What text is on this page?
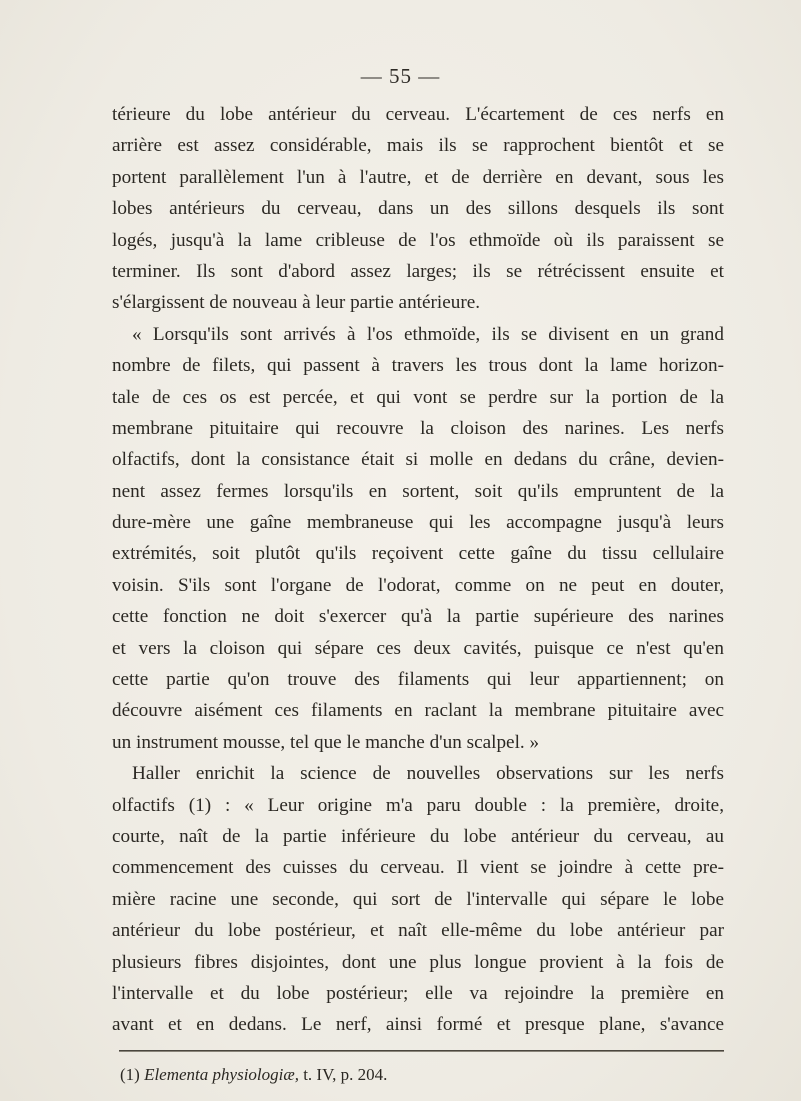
— 55 —
térieure du lobe antérieur du cerveau. L'écartement de ces nerfs en
arrière est assez considérable, mais ils se rapprochent bientôt et se
portent parallèlement l'un à l'autre, et de derrière en devant, sous les
lobes antérieurs du cerveau, dans un des sillons desquels ils sont
logés, jusqu'à la lame cribleuse de l'os ethmoïde où ils paraissent se
terminer. Ils sont d'abord assez larges; ils se rétrécissent ensuite et
s'élargissent de nouveau à leur partie antérieure.
« Lorsqu'ils sont arrivés à l'os ethmoïde, ils se divisent en un grand
nombre de filets, qui passent à travers les trous dont la lame horizon-
tale de ces os est percée, et qui vont se perdre sur la portion de la
membrane pituitaire qui recouvre la cloison des narines. Les nerfs
olfactifs, dont la consistance était si molle en dedans du crâne, devien-
nent assez fermes lorsqu'ils en sortent, soit qu'ils empruntent de la
dure-mère une gaîne membraneuse qui les accompagne jusqu'à leurs
extrémités, soit plutôt qu'ils reçoivent cette gaîne du tissu cellulaire
voisin. S'ils sont l'organe de l'odorat, comme on ne peut en douter,
cette fonction ne doit s'exercer qu'à la partie supérieure des narines
et vers la cloison qui sépare ces deux cavités, puisque ce n'est qu'en
cette partie qu'on trouve des filaments qui leur appartiennent; on
découvre aisément ces filaments en raclant la membrane pituitaire avec
un instrument mousse, tel que le manche d'un scalpel. »
Haller enrichit la science de nouvelles observations sur les nerfs
olfactifs (1) : « Leur origine m'a paru double : la première, droite,
courte, naît de la partie inférieure du lobe antérieur du cerveau, au
commencement des cuisses du cerveau. Il vient se joindre à cette pre-
mière racine une seconde, qui sort de l'intervalle qui sépare le lobe
antérieur du lobe postérieur, et naît elle-même du lobe antérieur par
plusieurs fibres disjointes, dont une plus longue provient à la fois de
l'intervalle et du lobe postérieur; elle va rejoindre la première en
avant et en dedans. Le nerf, ainsi formé et presque plane, s'avance
(1) Elementa physiologiæ, t. IV, p. 204.
